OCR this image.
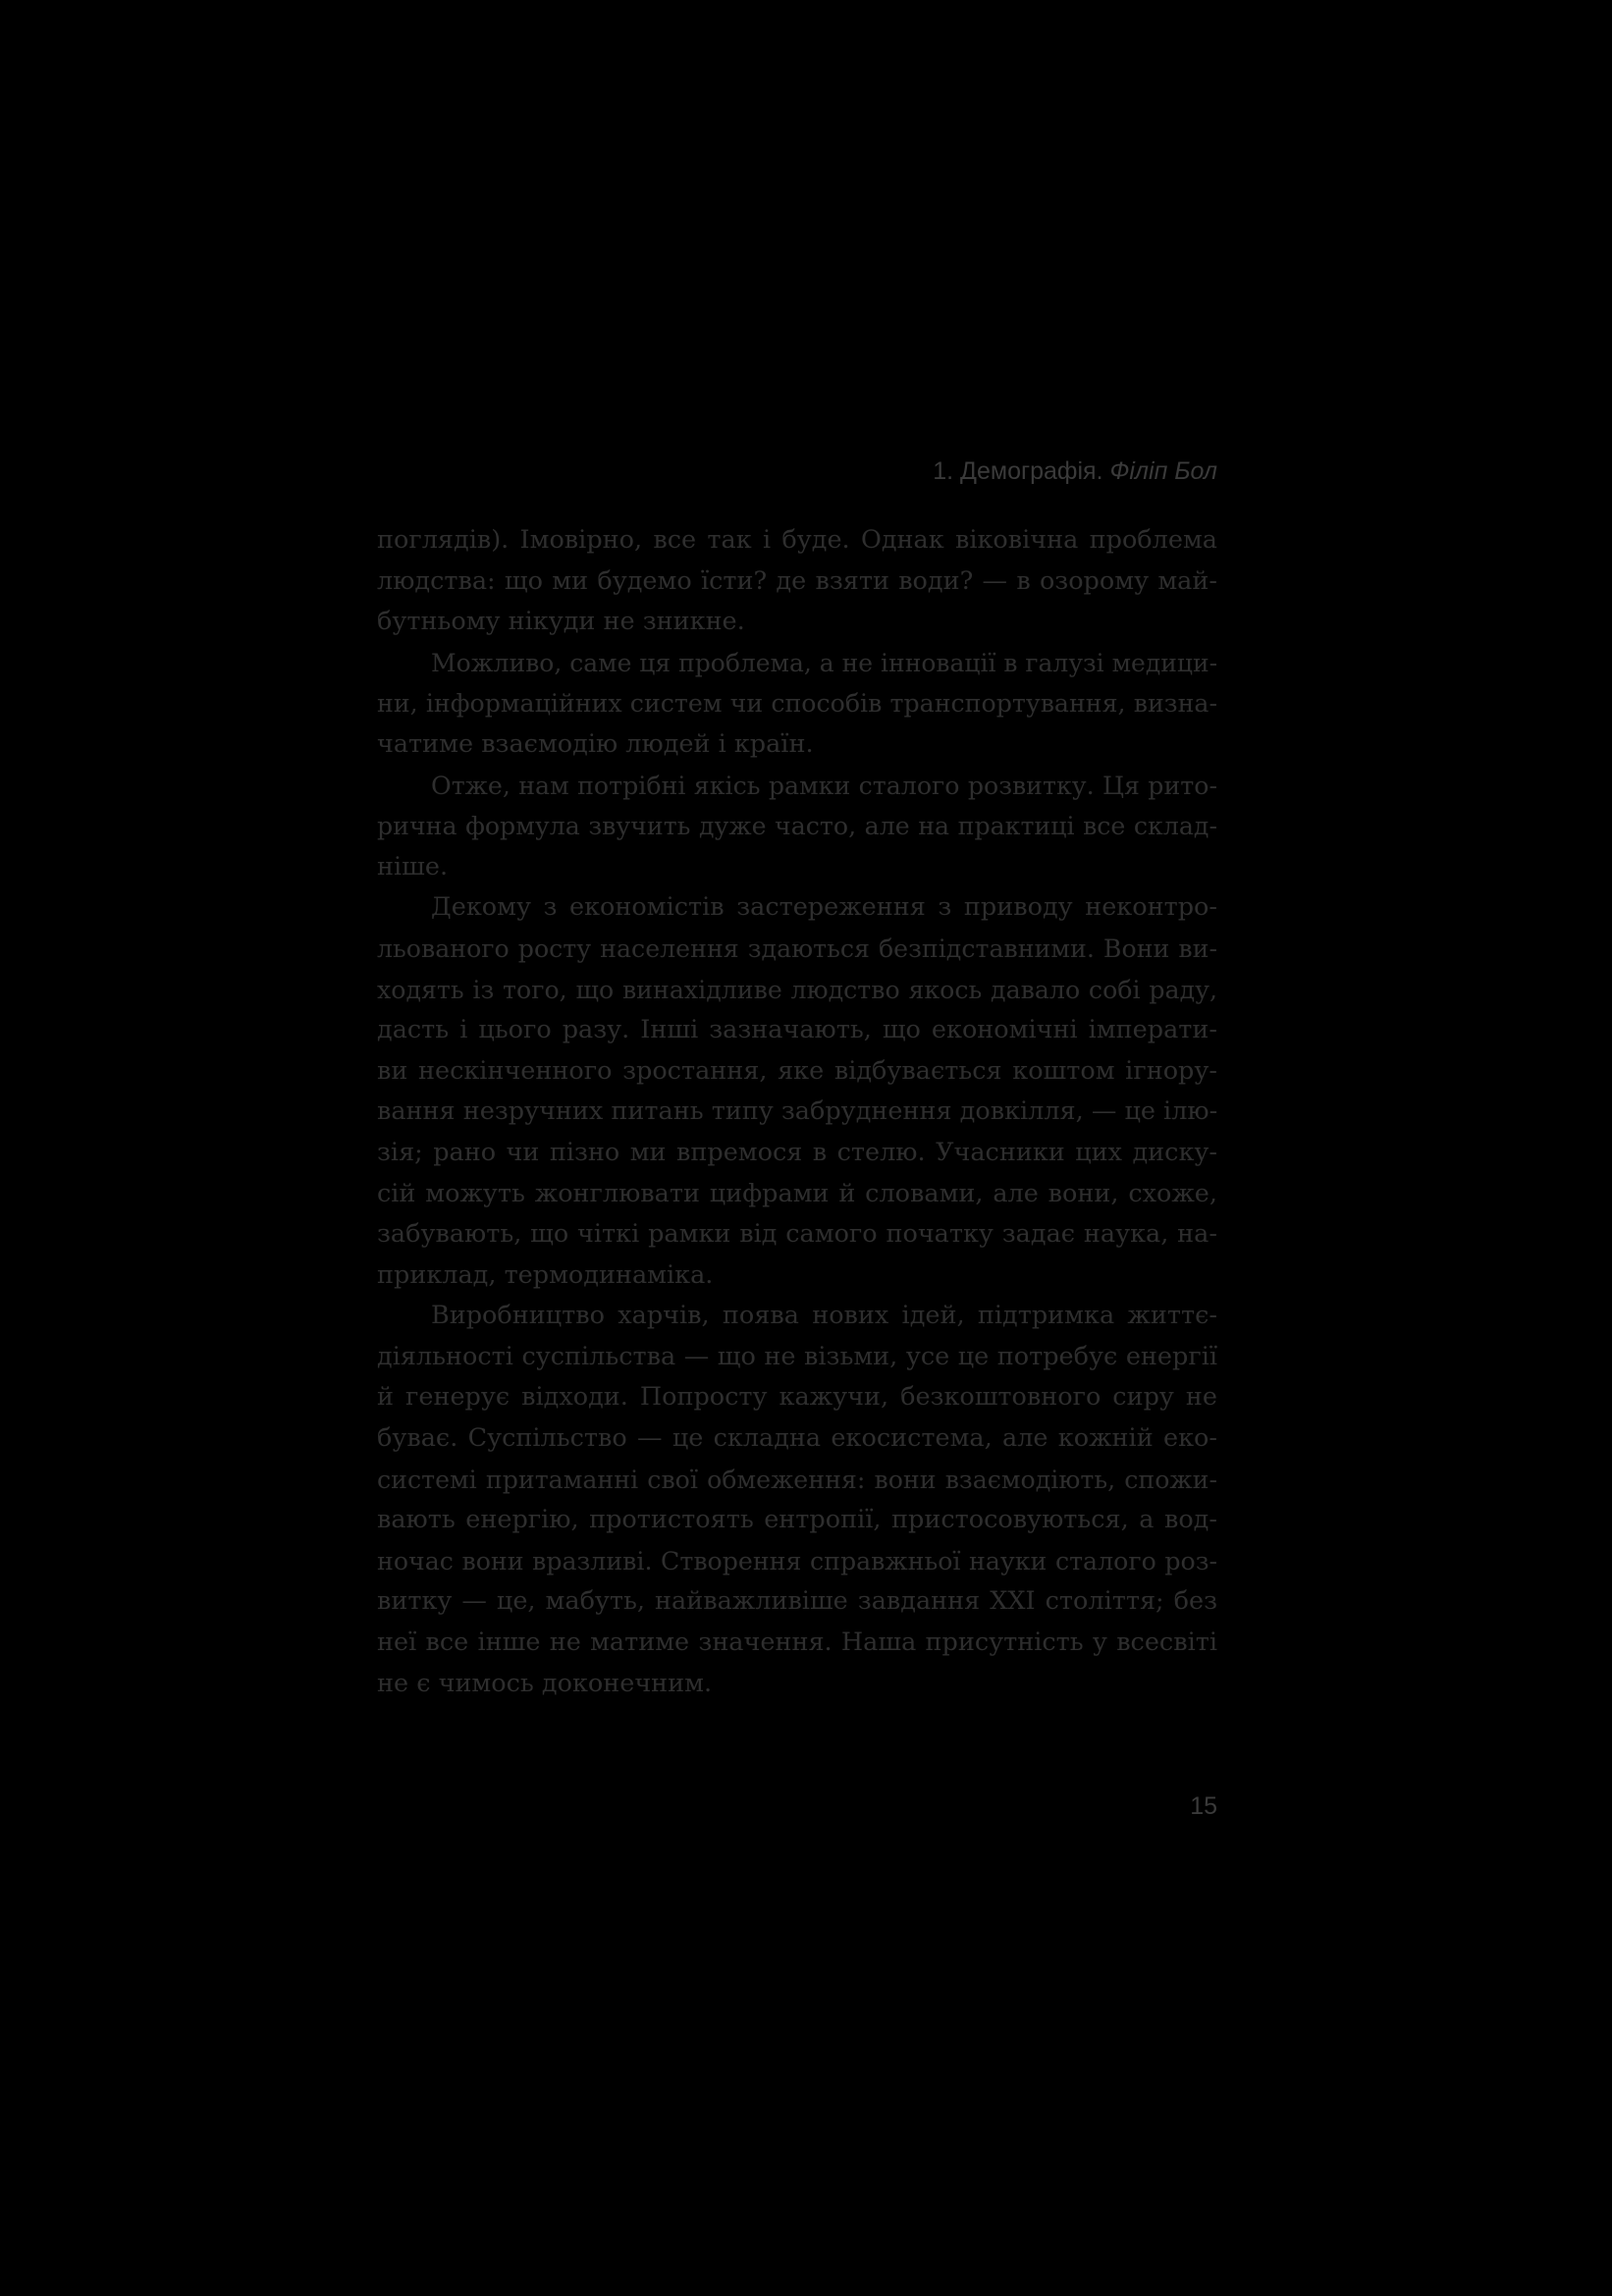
1. Демографія. Філіп Бол
поглядів). Імовірно, все так і буде. Однак віковічна проблема
людства: що ми будемо їсти? де взяти води? — в озорому май-
бутньому нікуди не зникне.
Можливо, саме ця проблема, а не інновації в галузі медици-
ни, інформаційних систем чи способів транспортування, визна-
чатиме взаємодію людей і країн.
Отже, нам потрібні якісь рамки сталого розвитку. Ця рито-
рична формула звучить дуже часто, але на практиці все склад-
ніше.
Декому з економістів застереження з приводу неконтро-
льованого росту населення здаються безпідставними. Вони ви-
ходять із того, що винахідливе людство якось давало собі раду,
дасть і цього разу. Інші зазначають, що економічні імперати-
ви нескінченного зростання, яке відбувається коштом ігнору-
вання незручних питань типу забруднення довкілля, — це ілю-
зія; рано чи пізно ми впремося в стелю. Учасники цих диску-
сій можуть жонглювати цифрами й словами, але вони, схоже,
забувають, що чіткі рамки від самого початку задає наука, на-
приклад, термодинаміка.
Виробництво харчів, поява нових ідей, підтримка життє-
діяльності суспільства — що не візьми, усе це потребує енергії
й генерує відходи. Попросту кажучи, безкоштовного сиру не
буває. Суспільство — це складна екосистема, але кожній еко-
системі притаманні свої обмеження: вони взаємодіють, спожи-
вають енергію, протистоять ентропії, пристосовуються, а вод-
ночас вони вразливі. Створення справжньої науки сталого роз-
витку — це, мабуть, найважливіше завдання XXI століття; без
неї все інше не матиме значення. Наша присутність у всесвіті
не є чимось доконечним.
15
